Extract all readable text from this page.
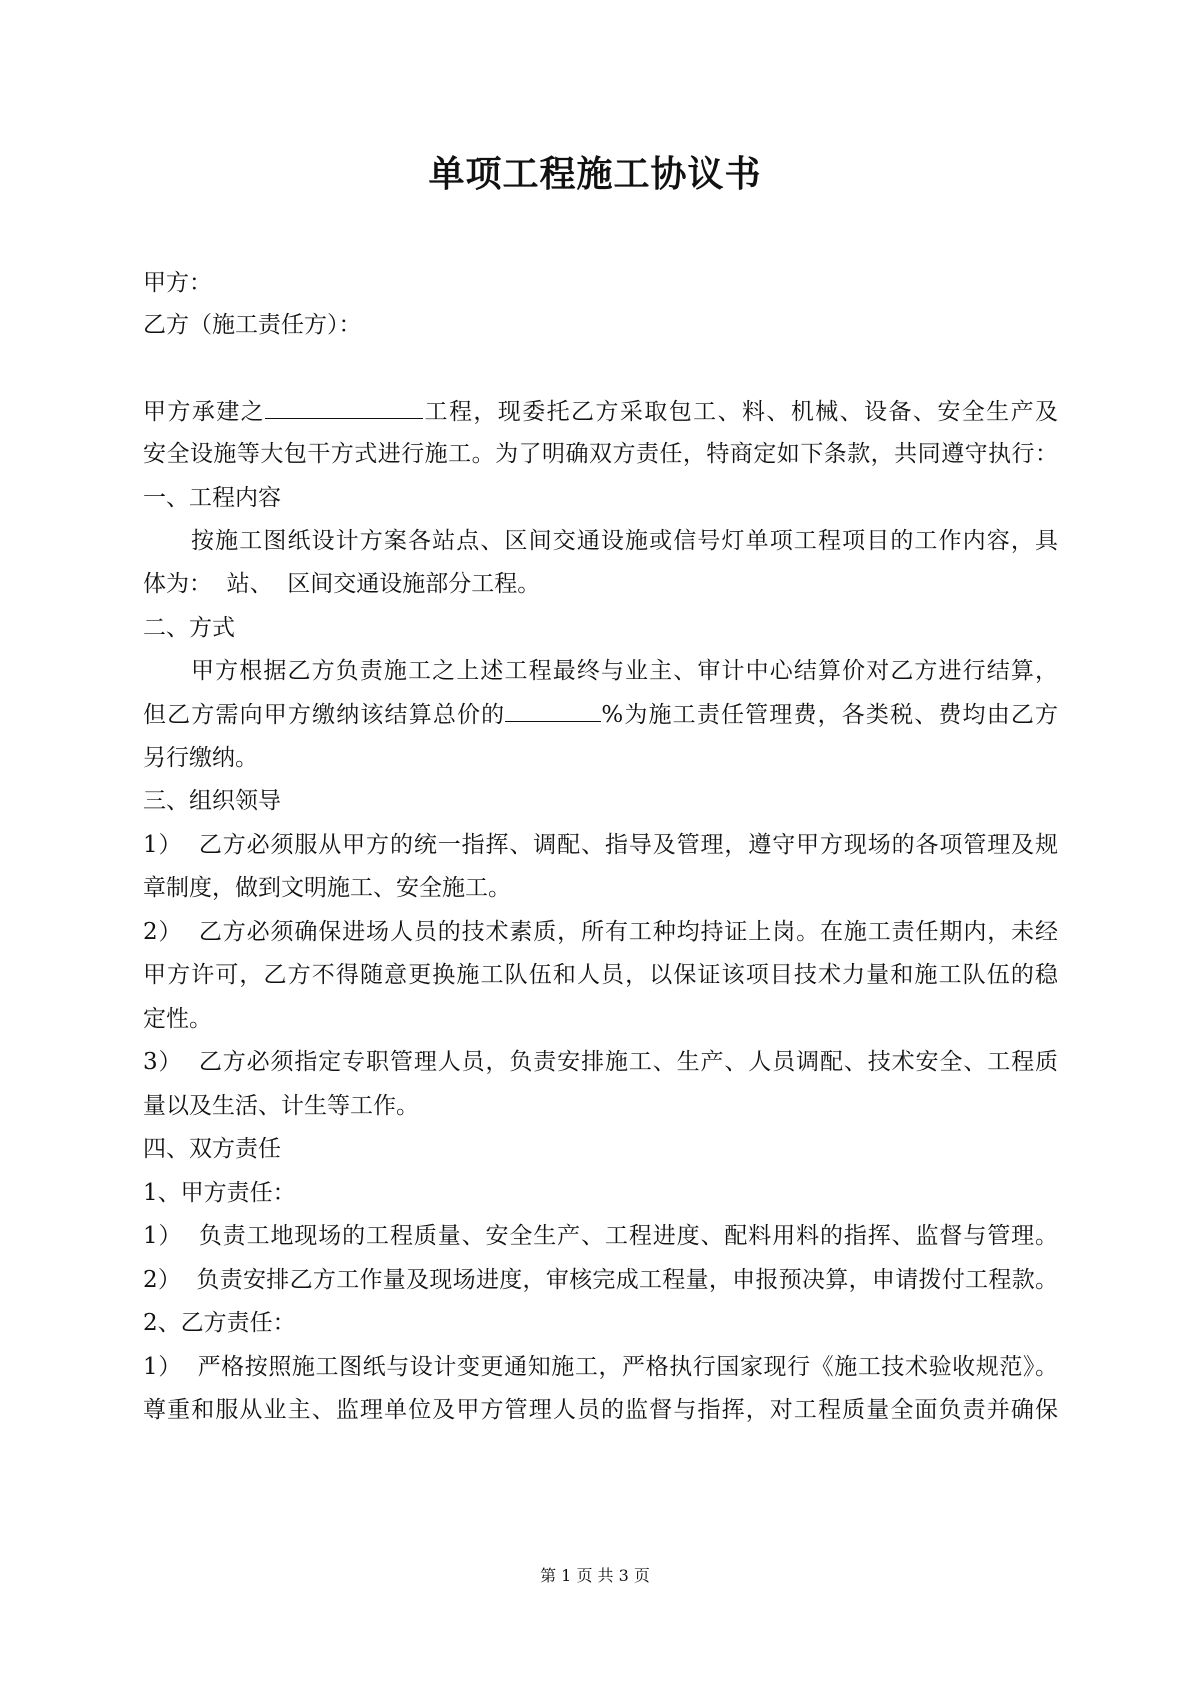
单项工程施工协议书
甲方：
乙方（施工责任方）：
甲方承建之	工程，现委托乙方采取包工、料、机械、设备、安全生产及
安全设施等大包干方式进行施工。为了明确双方责任，特商定如下条款，共同遵守执行：
一、工程内容
按施工图纸设计方案各站点、区间交通设施或信号灯单项工程项目的工作内容，具
体为：  站、  区间交通设施部分工程。
二、方式
甲方根据乙方负责施工之上述工程最终与业主、审计中心结算价对乙方进行结算，
但乙方需向甲方缴纳该结算总价的	%为施工责任管理费，各类税、费均由乙方
另行缴纳。
三、组织领导
1）  乙方必须服从甲方的统一指挥、调配、指导及管理，遵守甲方现场的各项管理及规
章制度，做到文明施工、安全施工。
2）  乙方必须确保进场人员的技术素质，所有工种均持证上岗。在施工责任期内，未经
甲方许可，乙方不得随意更换施工队伍和人员，以保证该项目技术力量和施工队伍的稳
定性。
3）  乙方必须指定专职管理人员，负责安排施工、生产、人员调配、技术安全、工程质
量以及生活、计生等工作。
四、双方责任
1、甲方责任：
1）  负责工地现场的工程质量、安全生产、工程进度、配料用料的指挥、监督与管理。
2）  负责安排乙方工作量及现场进度，审核完成工程量，申报预决算，申请拨付工程款。
2、乙方责任：
1）  严格按照施工图纸与设计变更通知施工，严格执行国家现行《施工技术验收规范》。
尊重和服从业主、监理单位及甲方管理人员的监督与指挥，对工程质量全面负责并确保
第 1 页 共 3 页
